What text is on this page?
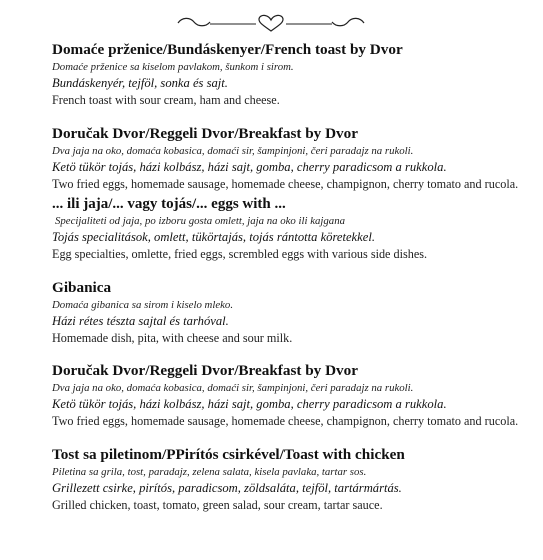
Domaće prženice/Bundáskenyer/French toast by Dvor
Domaće prženice sa kiselom pavlakom, šunkom i sirom.
Bundáskenyér, tejföl, sonka és sajt.
French toast with sour cream, ham and cheese.
Doručak Dvor/Reggeli Dvor/Breakfast by Dvor
Dva jaja na oko, domaća kobasica, domaći sir, šampinjoni, čeri paradajz na rukoli.
Ketö tükör tojás, házi kolbász, házi sajt, gomba, cherry paradicsom a rukkola.
Two fried eggs, homemade sausage, homemade cheese, champignon, cherry tomato and rucola.
... ili jaja/... vagy tojás/... eggs with ...
Specijaliteti od jaja, po izboru gosta omlett, jaja na oko ili kajgana
Tojás specialitások, omlett, tükörtajás, tojás rántotta köretekkel.
Egg specialties, omlette, fried eggs, scrembled eggs with various side dishes.
Gibanica
Domaća gibanica sa sirom i kiselo mleko.
Házi rétes tészta sajtal és tarhóval.
Homemade dish, pita, with cheese and sour milk.
Doručak Dvor/Reggeli Dvor/Breakfast by Dvor
Dva jaja na oko, domaća kobasica, domaći sir, šampinjoni, čeri paradajz na rukoli.
Ketö tükör tojás, házi kolbász, házi sajt, gomba, cherry paradicsom a rukkola.
Two fried eggs, homemade sausage, homemade cheese, champignon, cherry tomato and rucola.
Tost sa piletinom/PPirítós csirkével/Toast with chicken
Piletina sa grila, tost, paradajz, zelena salata, kisela pavlaka, tartar sos.
Grillezett csirke, pirítós, paradicsom, zöldsaláta, tejföl, tartármártás.
Grilled chicken, toast, tomato, green salad, sour cream, tartar sauce.
